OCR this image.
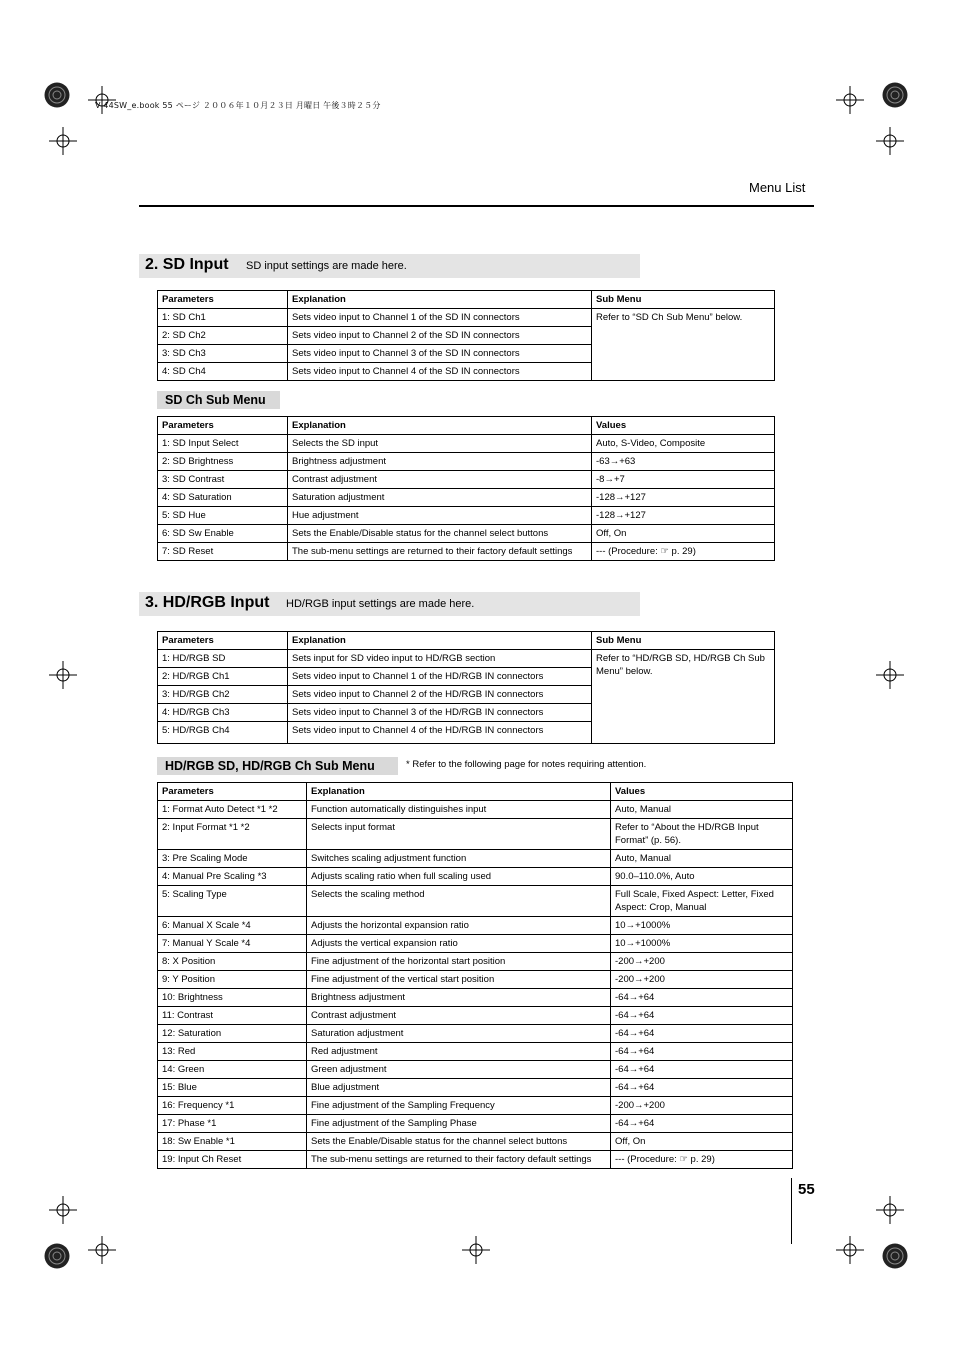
V-44SW_e.book 55 ページ ２００６年１０月２３日 月曜日 午後３時２５分
Menu List
2. SD Input SD input settings are made here.
Parameters	Explanation	Sub Menu
1: SD Ch1	Sets video input to Channel 1 of the SD IN connectors	Refer to “SD Ch Sub Menu” below.
2: SD Ch2	Sets video input to Channel 2 of the SD IN connectors	
3: SD Ch3	Sets video input to Channel 3 of the SD IN connectors	
4: SD Ch4	Sets video input to Channel 4 of the SD IN connectors	
SD Ch Sub Menu
Parameters	Explanation	Values
1: SD Input Select	Selects the SD input	Auto, S-Video, Composite
2: SD Brightness	Brightness adjustment	-63→+63
3: SD Contrast	Contrast adjustment	-8→+7
4: SD Saturation	Saturation adjustment	-128→+127
5: SD Hue	Hue adjustment	-128→+127
6: SD Sw Enable	Sets the Enable/Disable status for the channel select buttons	Off, On
7: SD Reset	The sub-menu settings are returned to their factory default settings	--- (Procedure: ☞ p. 29)
3. HD/RGB Input HD/RGB input settings are made here.
Parameters	Explanation	Sub Menu
1: HD/RGB SD	Sets input for SD video input to HD/RGB section	Refer to “HD/RGB SD, HD/RGB Ch Sub Menu” below.
2: HD/RGB Ch1	Sets video input to Channel 1 of the HD/RGB IN connectors	
3: HD/RGB Ch2	Sets video input to Channel 2 of the HD/RGB IN connectors	
4: HD/RGB Ch3	Sets video input to Channel 3 of the HD/RGB IN connectors	
5: HD/RGB Ch4	Sets video input to Channel 4 of the HD/RGB IN connectors	
HD/RGB SD, HD/RGB Ch Sub Menu	* Refer to the following page for notes requiring attention.
Parameters	Explanation	Values
1: Format Auto Detect *1 *2	Function automatically distinguishes input	Auto, Manual
2: Input Format *1 *2	Selects input format	Refer to “About the HD/RGB Input Format” (p. 56).
3: Pre Scaling Mode	Switches scaling adjustment function	Auto, Manual
4: Manual Pre Scaling *3	Adjusts scaling ratio when full scaling used	90.0–110.0%, Auto
5: Scaling Type	Selects the scaling method	Full Scale, Fixed Aspect: Letter, Fixed Aspect: Crop, Manual
6: Manual X Scale *4	Adjusts the horizontal expansion ratio	10→+1000%
7: Manual Y Scale *4	Adjusts the vertical expansion ratio	10→+1000%
8: X Position	Fine adjustment of the horizontal start position	-200→+200
9: Y Position	Fine adjustment of the vertical start position	-200→+200
10: Brightness	Brightness adjustment	-64→+64
11: Contrast	Contrast adjustment	-64→+64
12: Saturation	Saturation adjustment	-64→+64
13: Red	Red adjustment	-64→+64
14: Green	Green adjustment	-64→+64
15: Blue	Blue adjustment	-64→+64
16: Frequency *1	Fine adjustment of the Sampling Frequency	-200→+200
17: Phase *1	Fine adjustment of the Sampling Phase	-64→+64
18: Sw Enable *1	Sets the Enable/Disable status for the channel select buttons	Off, On
19: Input Ch Reset	The sub-menu settings are returned to their factory default settings	--- (Procedure: ☞ p. 29)
55
